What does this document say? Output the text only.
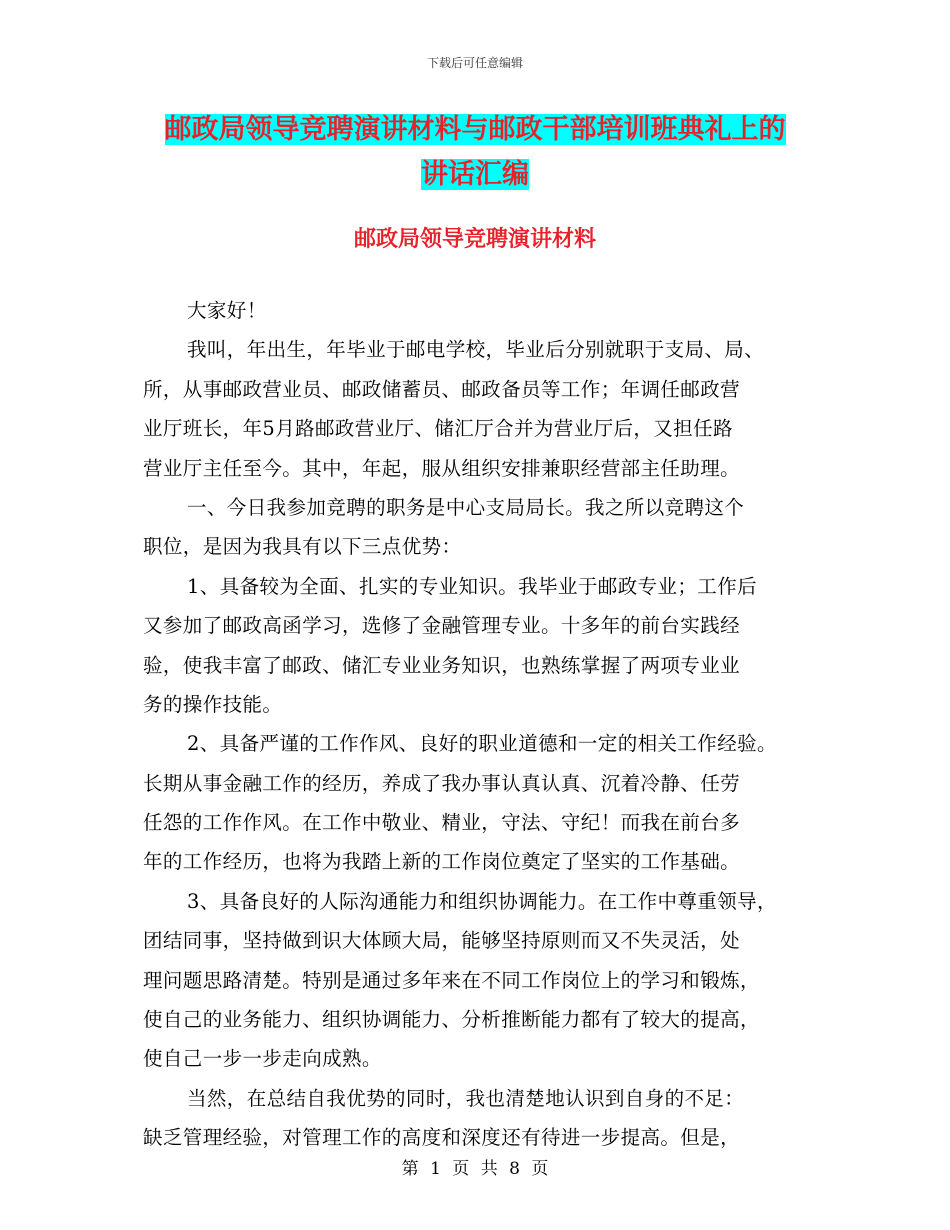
下载后可任意编辑
邮政局领导竞聘演讲材料与邮政干部培训班典礼上的
讲话汇编
邮政局领导竞聘演讲材料
大家好！
我叫，年出生，年毕业于邮电学校，毕业后分别就职于支局、局、
所，从事邮政营业员、邮政储蓄员、邮政备员等工作；年调任邮政营
业厅班长，年5月路邮政营业厅、储汇厅合并为营业厅后，又担任路
营业厅主任至今。其中，年起，服从组织安排兼职经营部主任助理。
一、今日我参加竞聘的职务是中心支局局长。我之所以竞聘这个
职位，是因为我具有以下三点优势：
1、具备较为全面、扎实的专业知识。我毕业于邮政专业；工作后
又参加了邮政高函学习，选修了金融管理专业。十多年的前台实践经
验，使我丰富了邮政、储汇专业业务知识，也熟练掌握了两项专业业
务的操作技能。
2、具备严谨的工作作风、良好的职业道德和一定的相关工作经验。
长期从事金融工作的经历，养成了我办事认真认真、沉着冷静、任劳
任怨的工作作风。在工作中敬业、精业，守法、守纪！而我在前台多
年的工作经历，也将为我踏上新的工作岗位奠定了坚实的工作基础。
3、具备良好的人际沟通能力和组织协调能力。在工作中尊重领导，
团结同事，坚持做到识大体顾大局，能够坚持原则而又不失灵活，处
理问题思路清楚。特别是通过多年来在不同工作岗位上的学习和锻炼，
使自己的业务能力、组织协调能力、分析推断能力都有了较大的提高，
使自己一步一步走向成熟。
当然，在总结自我优势的同时，我也清楚地认识到自身的不足：
缺乏管理经验，对管理工作的高度和深度还有待进一步提高。但是，
第 1 页 共 8 页
